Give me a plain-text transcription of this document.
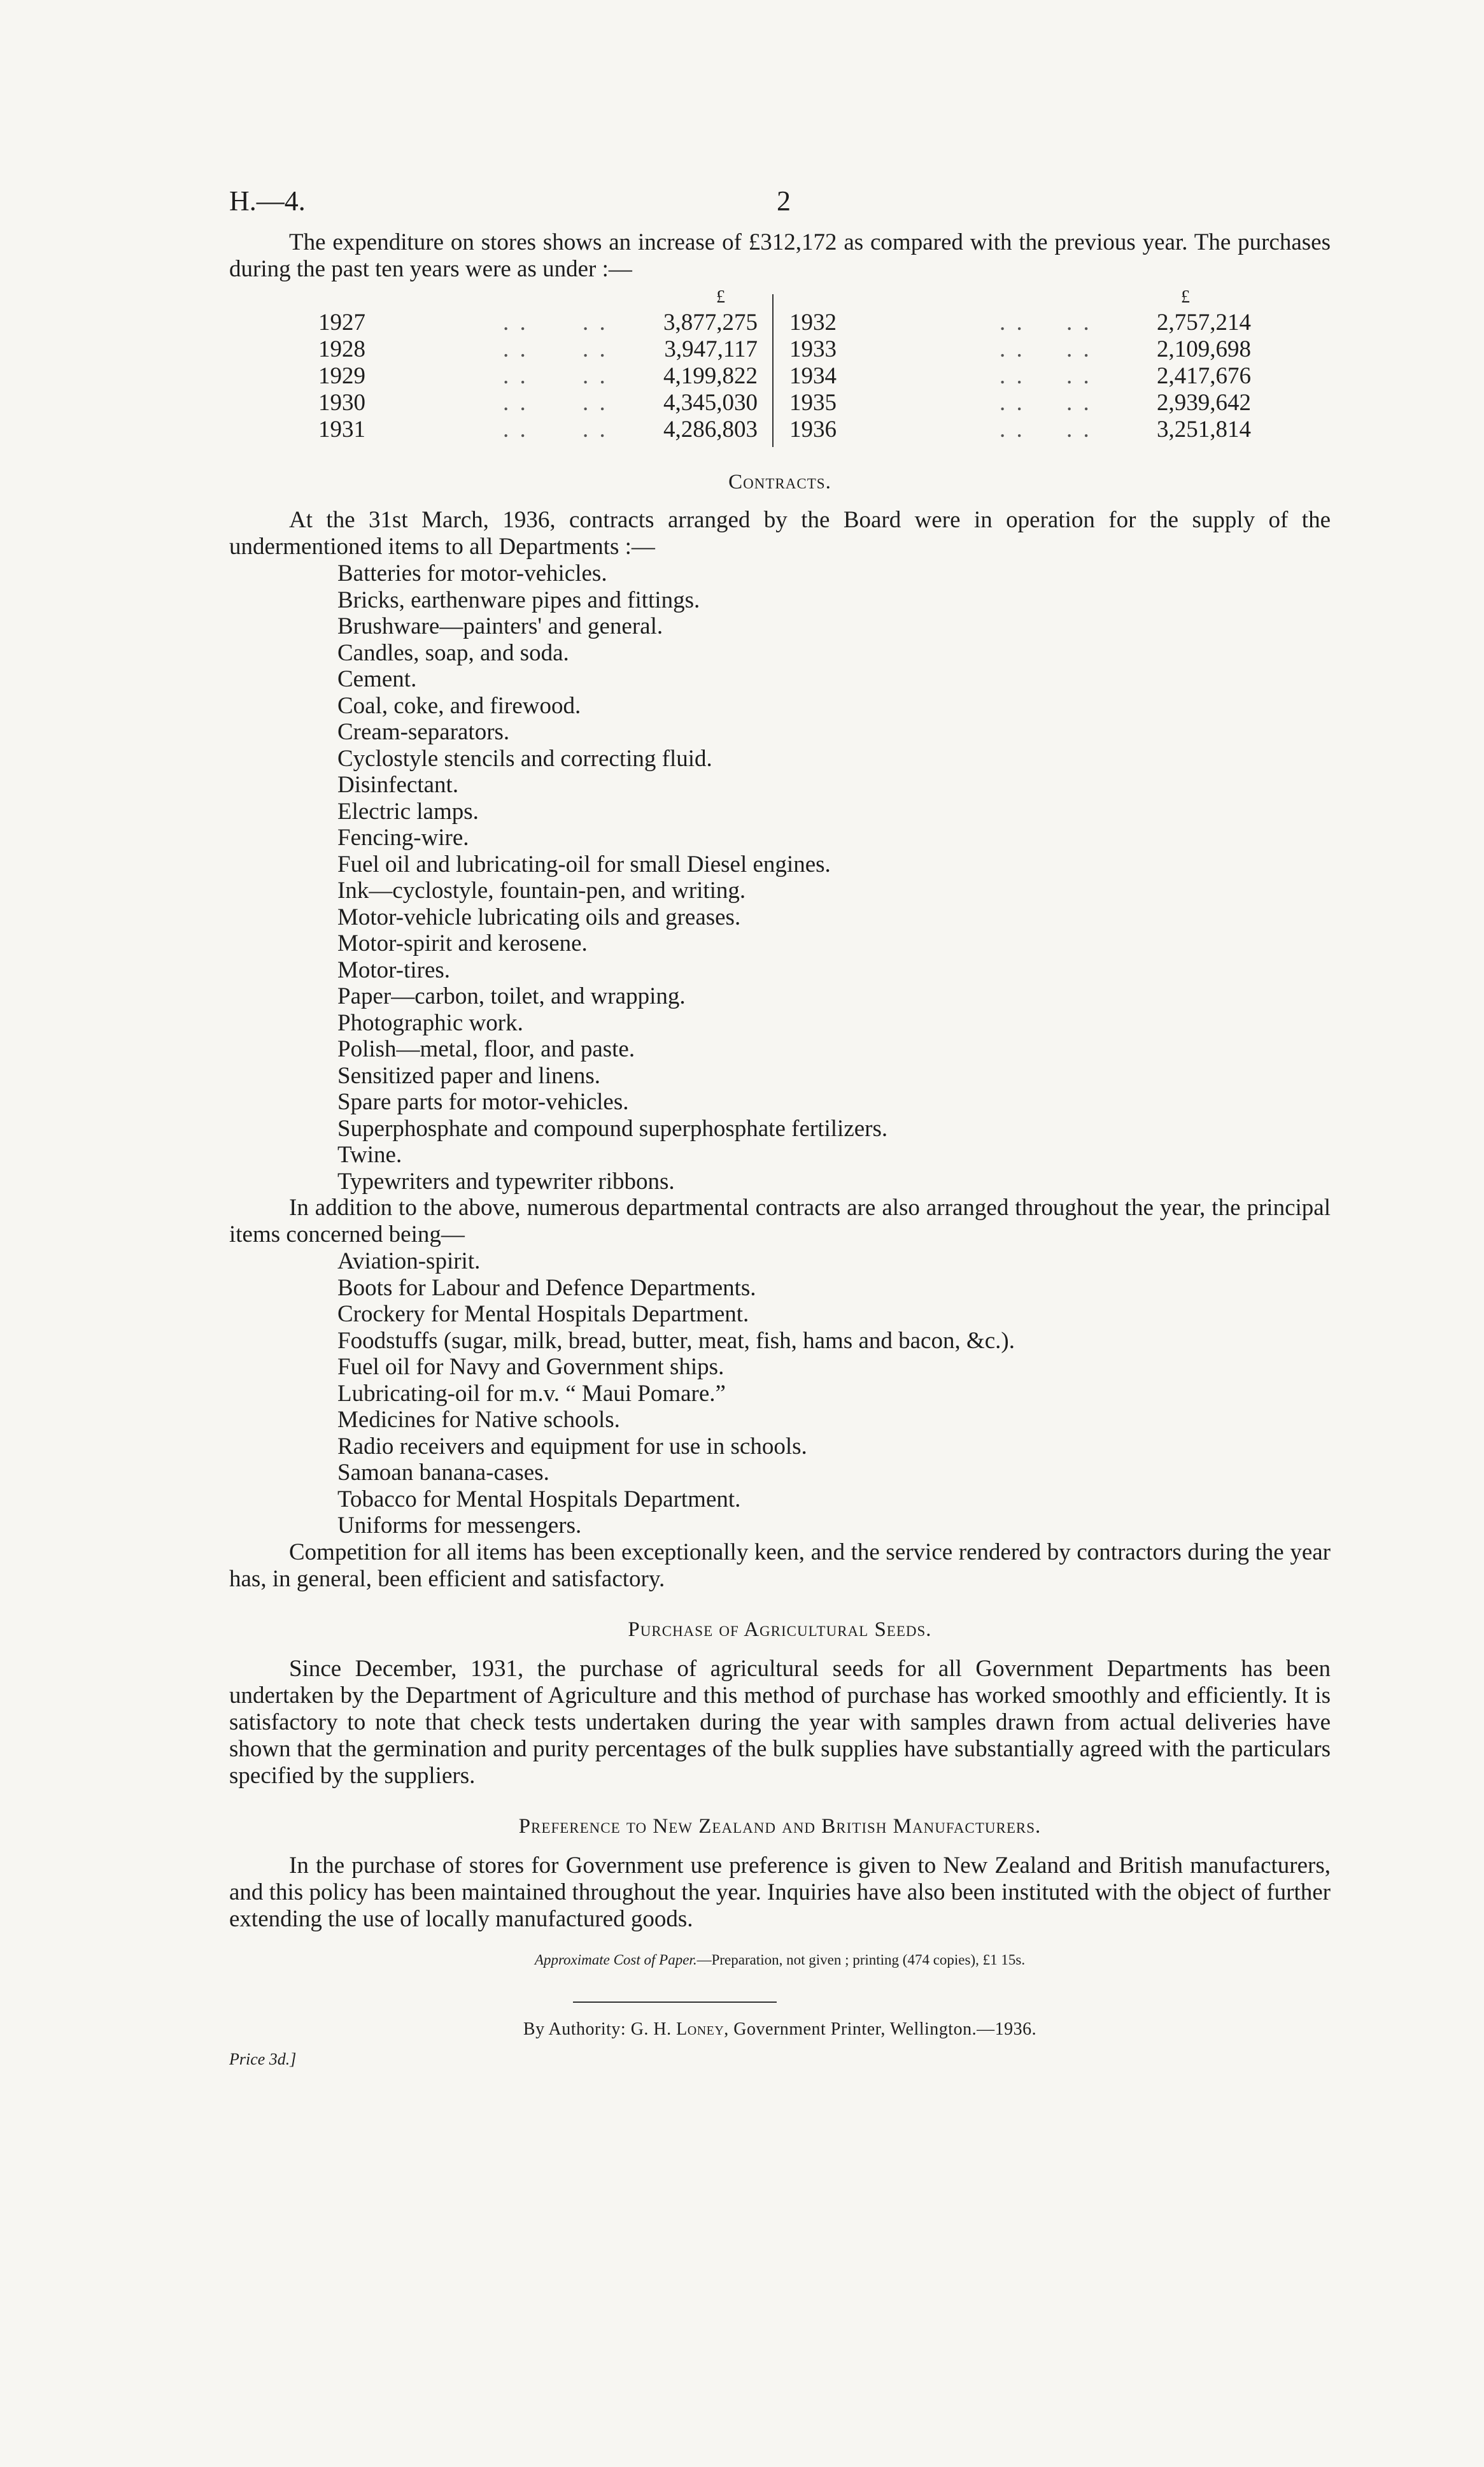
H.—4.	2

The expenditure on stores shows an increase of £312,172 as compared with the previous year. The purchases during the past ten years were as under :—

£
1927	. . . . 3,877,275
1928	. . . . 3,947,117
1929	. . . . 4,199,822
1930	. . . . 4,345,030
1931	. . . . 4,286,803
£
1932	. . . .	2,757,214
1933	. . . .	2,109,698
1934	. . . .	2,417,676
1935	. . . .	2,939,642
1936	. . . .	3,251,814
Contracts.

At the 31st March, 1936, contracts arranged by the Board were in operation for the supply of the undermentioned items to all Departments :—

Batteries for motor-vehicles.
Bricks, earthenware pipes and fittings.
Brushware—painters' and general.
Candles, soap, and soda.
Cement.
Coal, coke, and firewood.
Cream-separators.
Cyclostyle stencils and correcting fluid.
Disinfectant.
Electric lamps.
Fencing-wire.
Fuel oil and lubricating-oil for small Diesel engines.
Ink—cyclostyle, fountain-pen, and writing.
Motor-vehicle lubricating oils and greases.
Motor-spirit and kerosene.
Motor-tires.
Paper—carbon, toilet, and wrapping.
Photographic work.
Polish—metal, floor, and paste.
Sensitized paper and linens.
Spare parts for motor-vehicles.
Superphosphate and compound superphosphate fertilizers.
Twine.
Typewriters and typewriter ribbons.

In addition to the above, numerous departmental contracts are also arranged throughout the year, the principal items concerned being—

Aviation-spirit.
Boots for Labour and Defence Departments.
Crockery for Mental Hospitals Department.
Foodstuffs (sugar, milk, bread, butter, meat, fish, hams and bacon, &c.).
Fuel oil for Navy and Government ships.
Lubricating-oil for m.v. “ Maui Pomare.”
Medicines for Native schools.
Radio receivers and equipment for use in schools.
Samoan banana-cases.
Tobacco for Mental Hospitals Department.
Uniforms for messengers.

Competition for all items has been exceptionally keen, and the service rendered by contractors during the year has, in general, been efficient and satisfactory.

Purchase of Agricultural Seeds.

Since December, 1931, the purchase of agricultural seeds for all Government Departments has been undertaken by the Department of Agriculture and this method of purchase has worked smoothly and efficiently. It is satisfactory to note that check tests undertaken during the year with samples drawn from actual deliveries have shown that the germination and purity percentages of the bulk supplies have substantially agreed with the particulars specified by the suppliers.

Preference to New Zealand and British Manufacturers.

In the purchase of stores for Government use preference is given to New Zealand and British manufacturers, and this policy has been maintained throughout the year. Inquiries have also been instituted with the object of further extending the use of locally manufactured goods.

Approximate Cost of Paper.—Preparation, not given ; printing (474 copies), £1 15s.
By Authority: G. H. Loney, Government Printer, Wellington.—1936.
Price 3d.]
